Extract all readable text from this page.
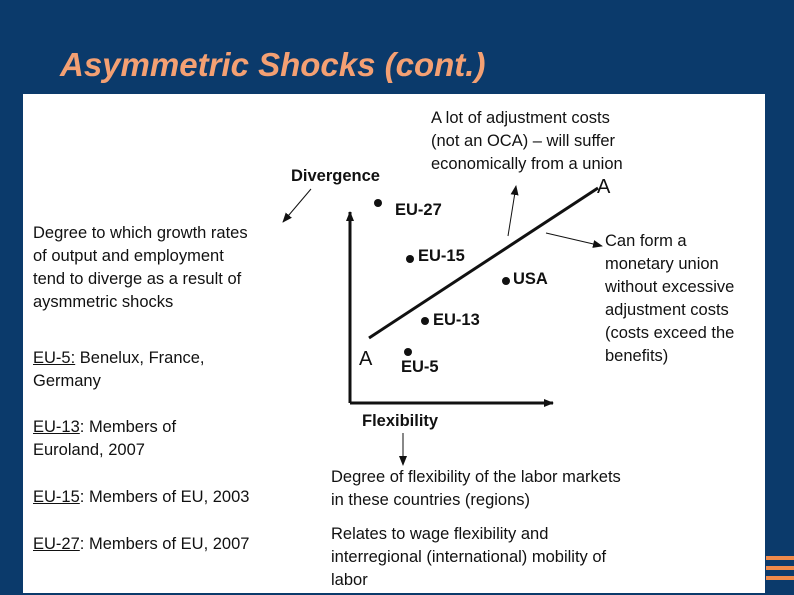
Asymmetric Shocks (cont.)
A lot of adjustment costs
(not an OCA) – will suffer
economically from a union
Divergence	A
EU-27
EU-15
USA
EU-13
A EU-5
Flexibility
Degree to which growth rates
of output and employment
tend to diverge as a result of
aysmmetric shocks
Can form a
monetary union
without excessive
adjustment costs
(costs exceed the
benefits)
EU-5: Benelux, France,
Germany
EU-13: Members of
Euroland, 2007
EU-15: Members of EU, 2003
EU-27: Members of EU, 2007
Degree of flexibility of the labor markets
in these countries (regions)
Relates to wage flexibility and
interregional (international) mobility of
labor
